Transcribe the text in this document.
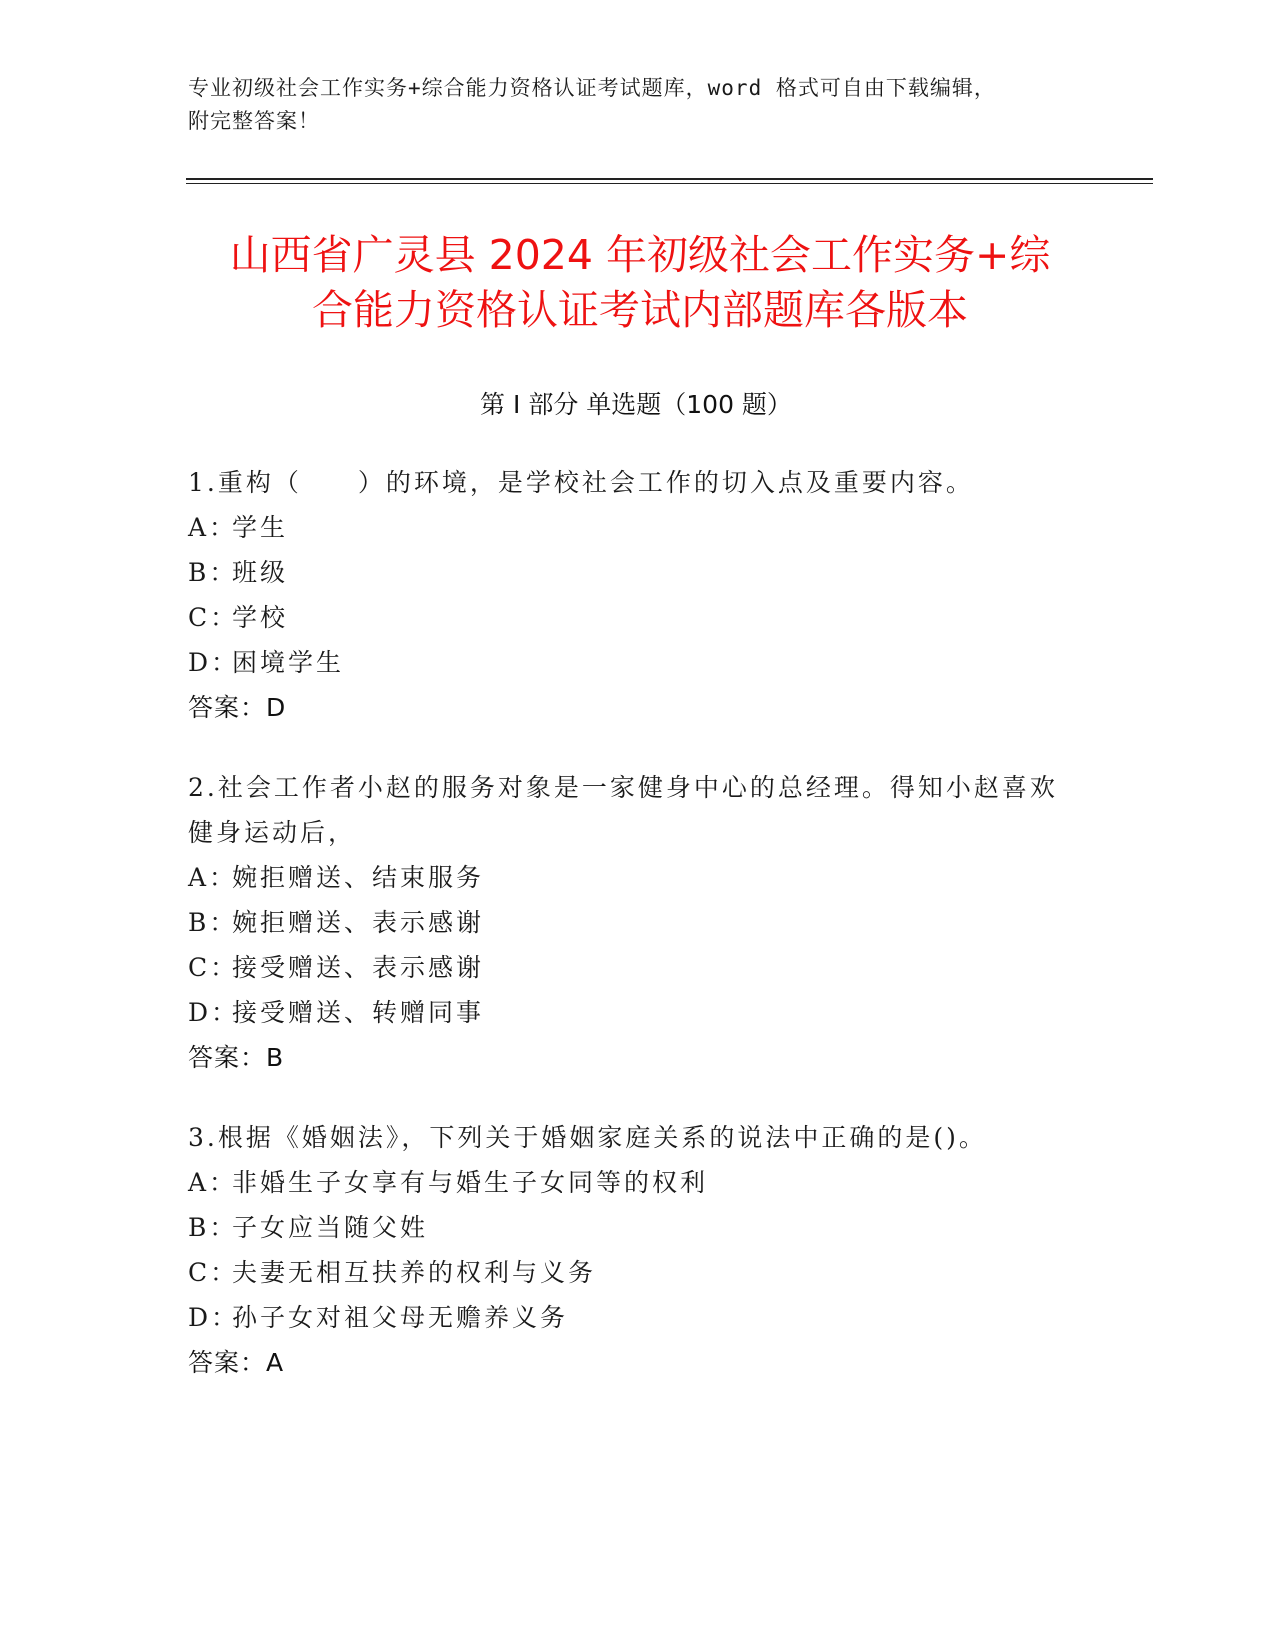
专业初级社会工作实务+综合能力资格认证考试题库，word 格式可自由下载编辑，
附完整答案！
山西省广灵县 2024 年初级社会工作实务+综
合能力资格认证考试内部题库各版本
第 I 部分 单选题（100 题）
1.重构（　　）的环境，是学校社会工作的切入点及重要内容。
A：学生
B：班级
C：学校
D：困境学生
答案：D
2.社会工作者小赵的服务对象是一家健身中心的总经理。得知小赵喜欢健身运动后，
A：婉拒赠送、结束服务
B：婉拒赠送、表示感谢
C：接受赠送、表示感谢
D：接受赠送、转赠同事
答案：B
3.根据《婚姻法》，下列关于婚姻家庭关系的说法中正确的是()。
A：非婚生子女享有与婚生子女同等的权利
B：子女应当随父姓
C：夫妻无相互扶养的权利与义务
D：孙子女对祖父母无赡养义务
答案：A
